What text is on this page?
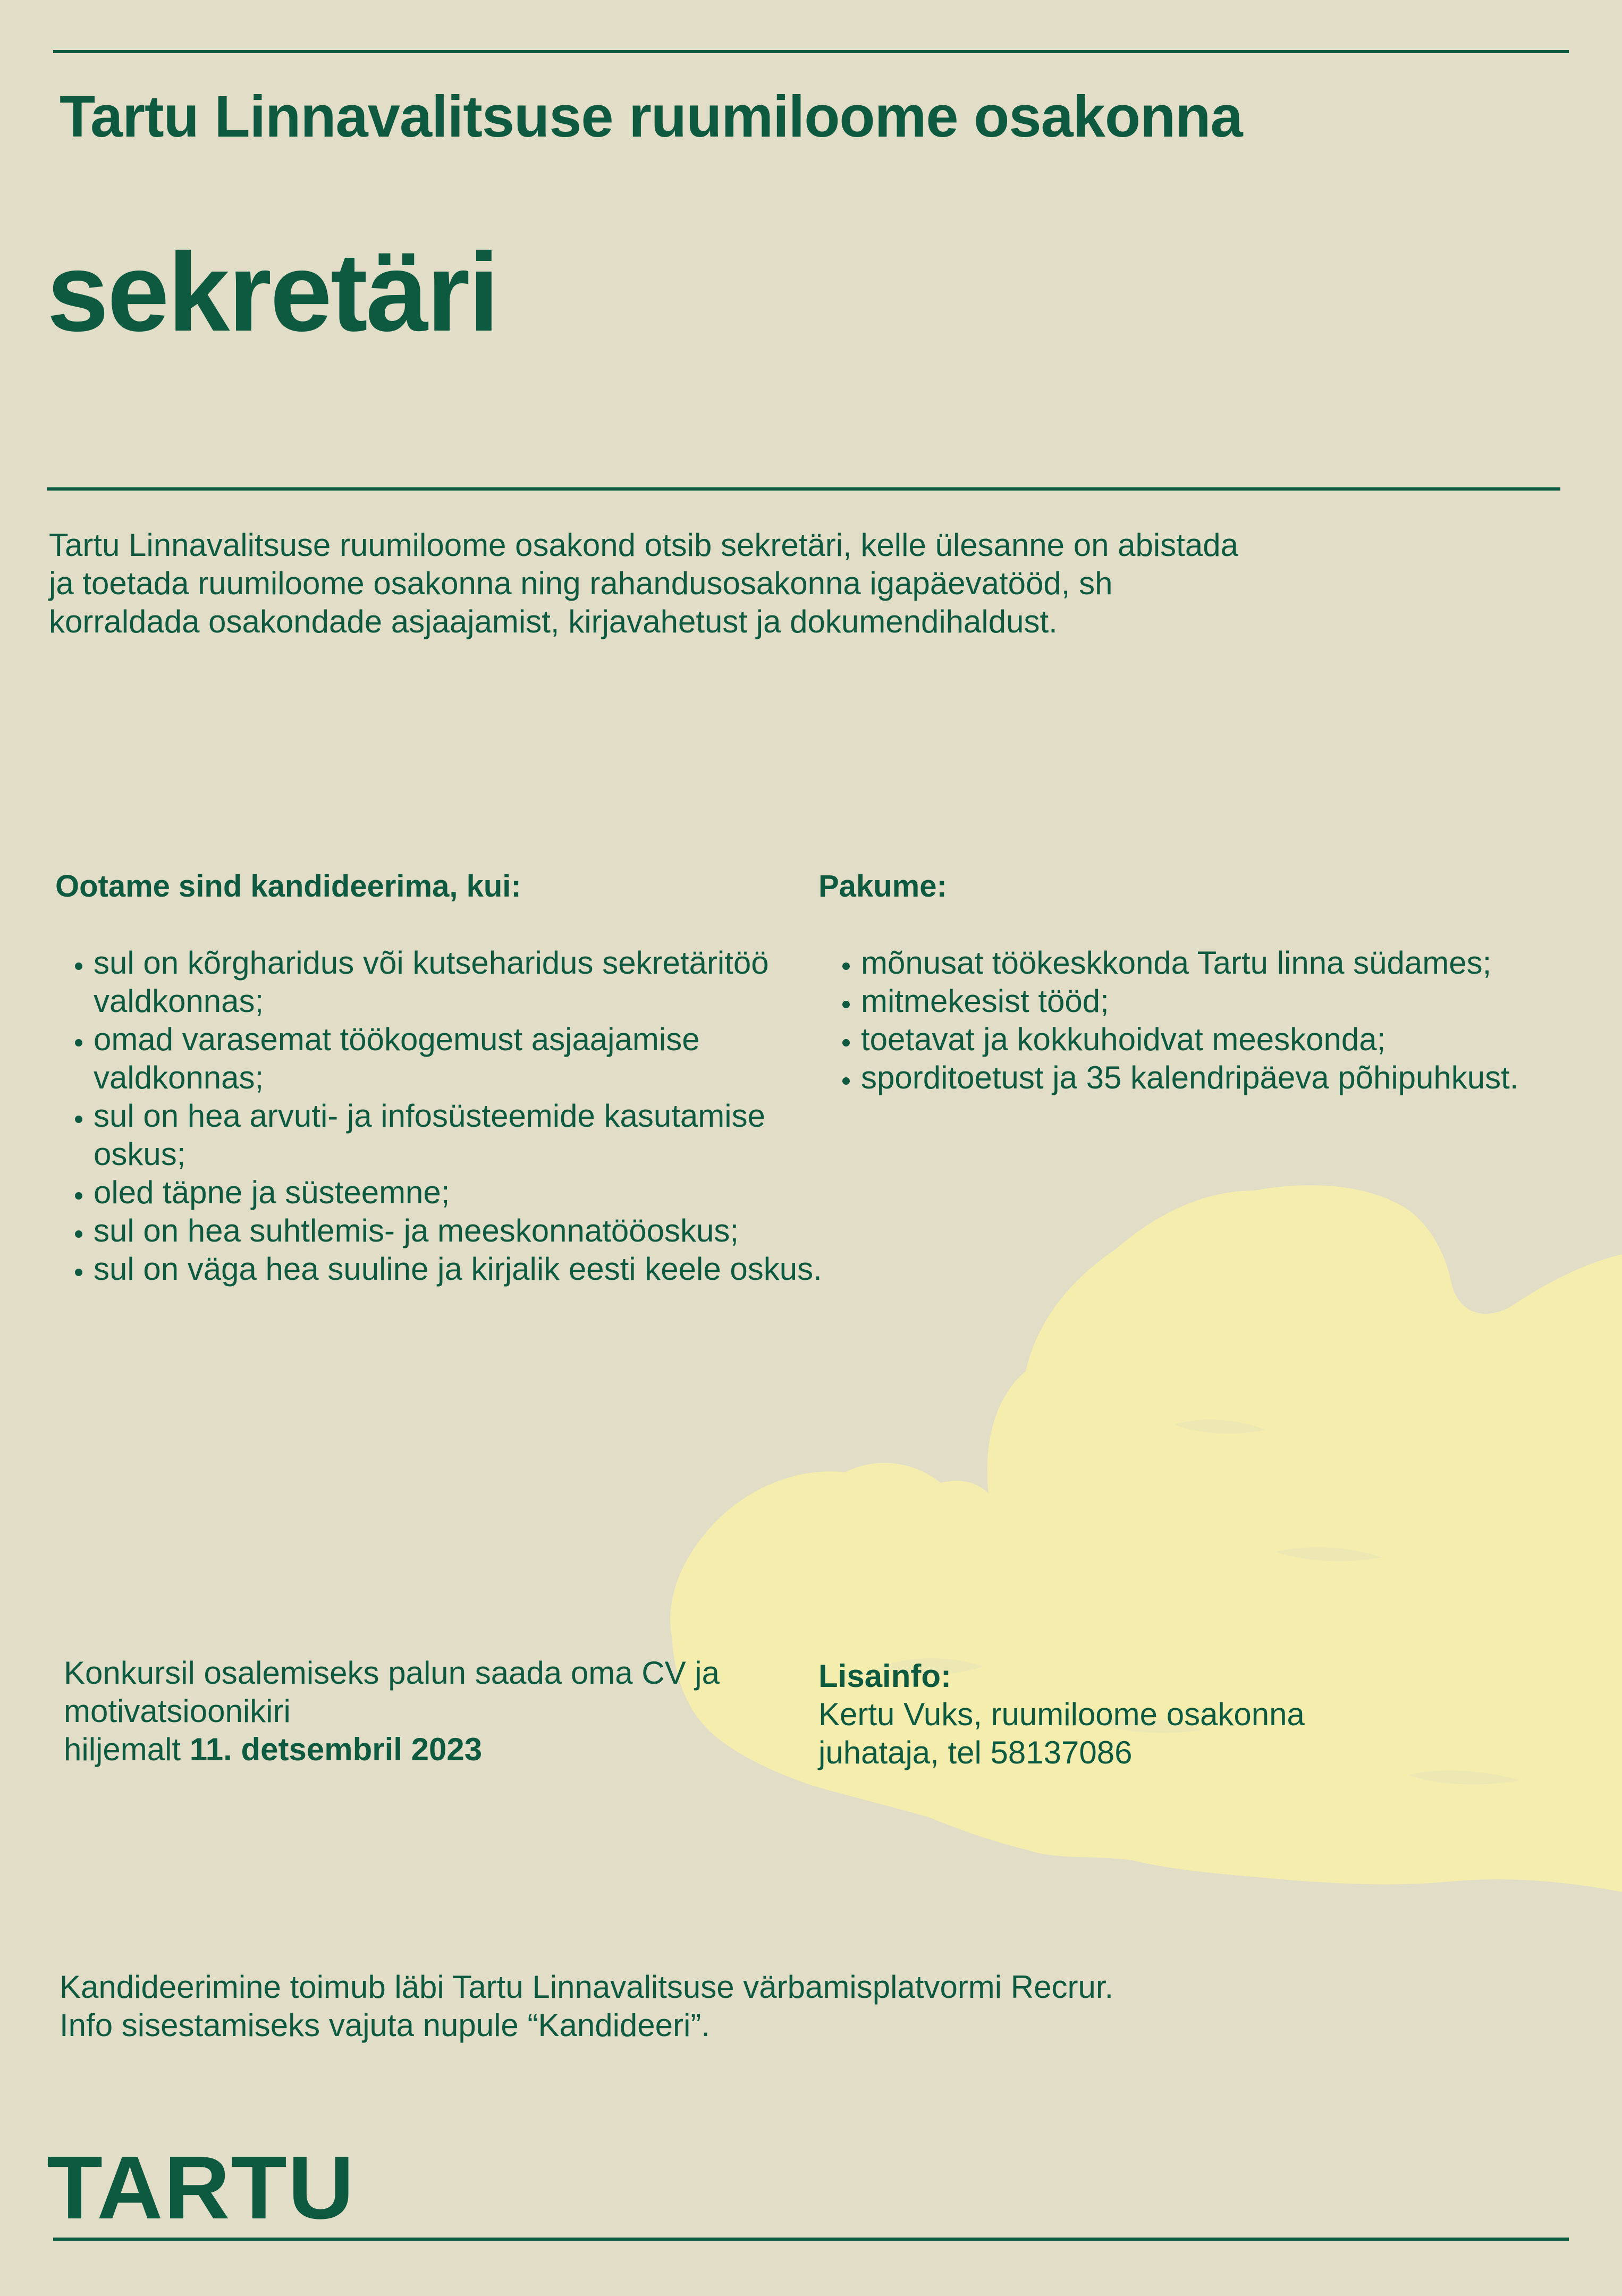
Tartu Linnavalitsuse ruumiloome osakonna
sekretäri
Tartu Linnavalitsuse ruumiloome osakond otsib sekretäri, kelle ülesanne on abistada
ja toetada ruumiloome osakonna ning rahandusosakonna igapäevatööd, sh
korraldada osakondade asjaajamist, kirjavahetust ja dokumendihaldust.
Ootame sind kandideerima, kui:
• sul on kõrgharidus või kutseharidus sekretäritöö valdkonnas;
• omad varasemat töökogemust asjaajamise valdkonnas;
• sul on hea arvuti- ja infosüsteemide kasutamise oskus;
• oled täpne ja süsteemne;
• sul on hea suhtlemis- ja meeskonnatööoskus;
• sul on väga hea suuline ja kirjalik eesti keele oskus.
Pakume:
• mõnusat töökeskkonda Tartu linna südames;
• mitmekesist tööd;
• toetavat ja kokkuhoidvat meeskonda;
• sporditoetust ja 35 kalendripäeva põhipuhkust.
Konkursil osalemiseks palun saada oma CV ja
motivatsioonikiri
hiljemalt 11. detsembril 2023
Lisainfo:
Kertu Vuks, ruumiloome osakonna
juhataja, tel 58137086
Kandideerimine toimub läbi Tartu Linnavalitsuse värbamisplatvormi Recrur.
Info sisestamiseks vajuta nupule “Kandideeri”.
TARTU
